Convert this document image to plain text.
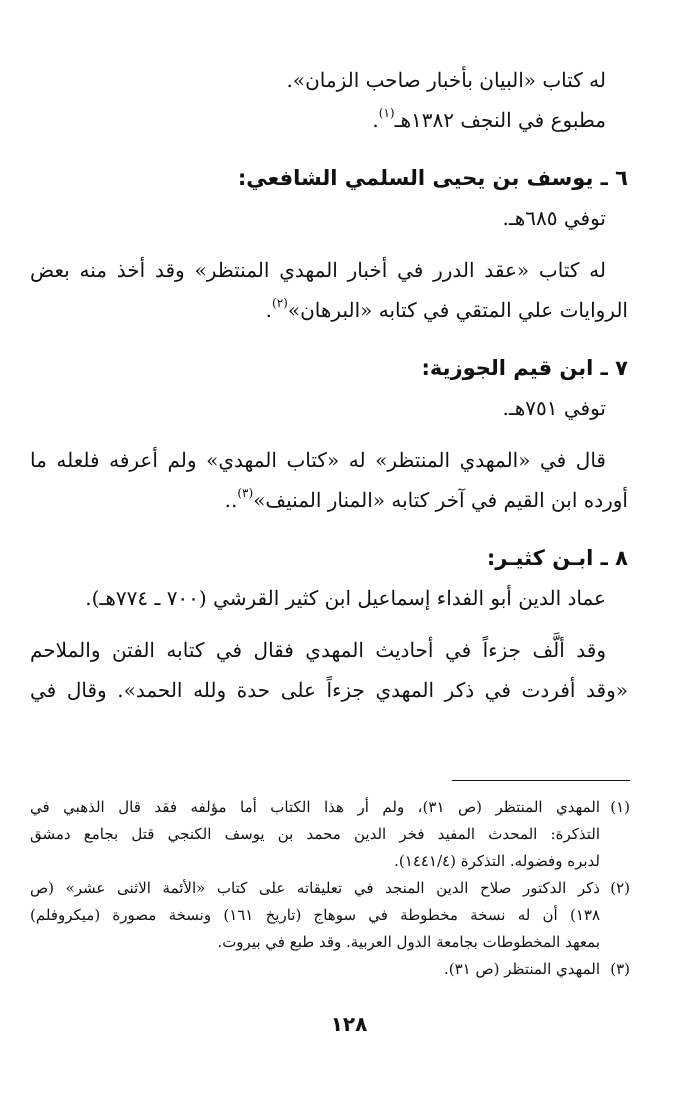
له كتاب «البيان بأخبار صاحب الزمان».
مطبوع في النجف ١٣٨٢هـ$^{(١)}$.
٦ ـ يوسف بن يحيى السلمي الشافعي:
توفي ٦٨٥هـ.
له كتاب «عقد الدرر في أخبار المهدي المنتظر» وقد أخذ منه بعض
الروايات علي المتقي في كتابه «البرهان»$^{(٢)}$.
٧ ـ ابن قيم الجوزية:
توفي ٧٥١هـ.
قال في «المهدي المنتظر» له «كتاب المهدي» ولم أعرفه فلعله ما
أورده ابن القيم في آخر كتابه «المنار المنيف»$^{(٣)}$..
٨ ـ ابـن كثيـر:
عماد الدين أبو الفداء إسماعيل ابن كثير القرشي (٧٠٠ ـ ٧٧٤هـ).
وقد ألَّف جزءاً في أحاديث المهدي فقال في كتابه الفتن والملاحم
«وقد أفردت في ذكر المهدي جزءاً على حدة ولله الحمد». وقال في
(١)
المهدي المنتظر (ص ٣١)، ولم أر هذا الكتاب أما مؤلفه فقد قال الذهبي في
التذكرة: المحدث المفيد فخر الدين محمد بن يوسف الكنجي قتل بجامع دمشق
لدبره وفضوله. التذكرة (١٤٤١/٤).
(٢)
ذكر الدكتور صلاح الدين المنجد في تعليقاته على كتاب «الأئمة الاثنى عشر» (ص
١٣٨) أن له نسخة مخطوطة في سوهاج (تاريخ ١٦١) ونسخة مصورة (ميكروفلم)
بمعهد المخطوطات بجامعة الدول العربية. وقد طبع في بيروت.
(٣)
المهدي المنتظر (ص ٣١).
١٢٨
